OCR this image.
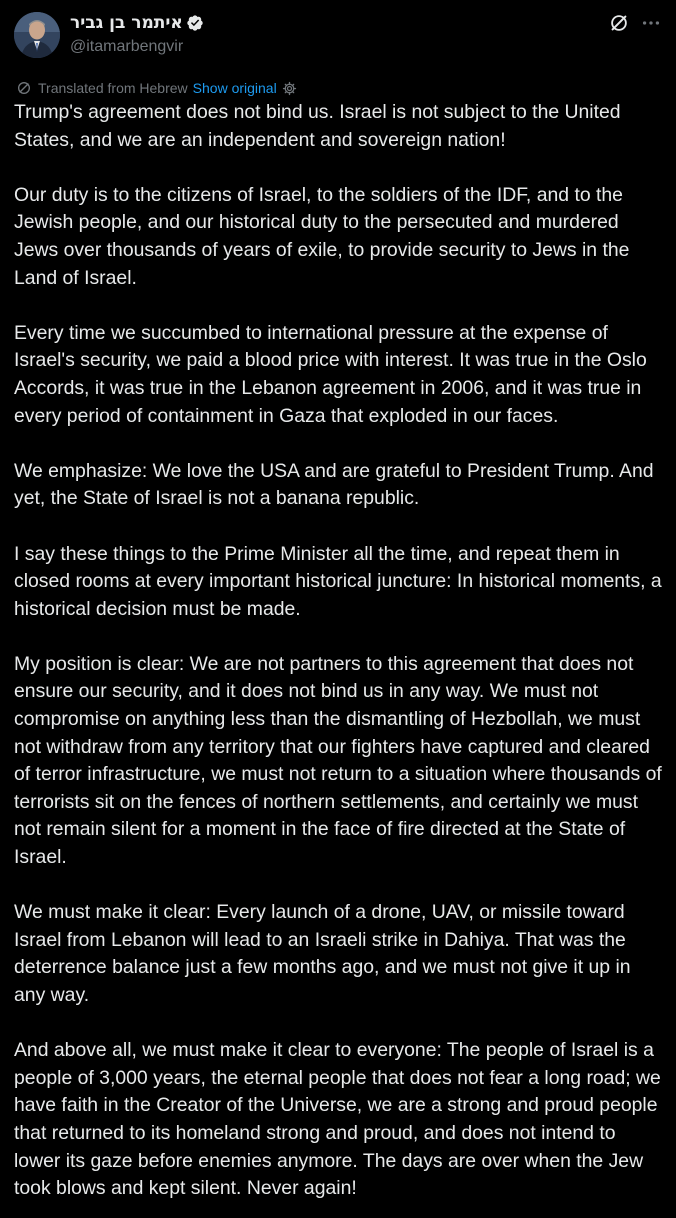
איתמר בן גביר
@itamarbengvir
Translated from Hebrew Show original

Trump's agreement does not bind us. Israel is not subject to the United States, and we are an independent and sovereign nation!

Our duty is to the citizens of Israel, to the soldiers of the IDF, and to the Jewish people, and our historical duty to the persecuted and murdered Jews over thousands of years of exile, to provide security to Jews in the Land of Israel.

Every time we succumbed to international pressure at the expense of Israel's security, we paid a blood price with interest. It was true in the Oslo Accords, it was true in the Lebanon agreement in 2006, and it was true in every period of containment in Gaza that exploded in our faces.

We emphasize: We love the USA and are grateful to President Trump. And yet, the State of Israel is not a banana republic.

I say these things to the Prime Minister all the time, and repeat them in closed rooms at every important historical juncture: In historical moments, a historical decision must be made.

My position is clear: We are not partners to this agreement that does not ensure our security, and it does not bind us in any way. We must not compromise on anything less than the dismantling of Hezbollah, we must not withdraw from any territory that our fighters have captured and cleared of terror infrastructure, we must not return to a situation where thousands of terrorists sit on the fences of northern settlements, and certainly we must not remain silent for a moment in the face of fire directed at the State of Israel.

We must make it clear: Every launch of a drone, UAV, or missile toward Israel from Lebanon will lead to an Israeli strike in Dahiya. That was the deterrence balance just a few months ago, and we must not give it up in any way.

And above all, we must make it clear to everyone: The people of Israel is a people of 3,000 years, the eternal people that does not fear a long road; we have faith in the Creator of the Universe, we are a strong and proud people that returned to its homeland strong and proud, and does not intend to lower its gaze before enemies anymore. The days are over when the Jew took blows and kept silent. Never again!
